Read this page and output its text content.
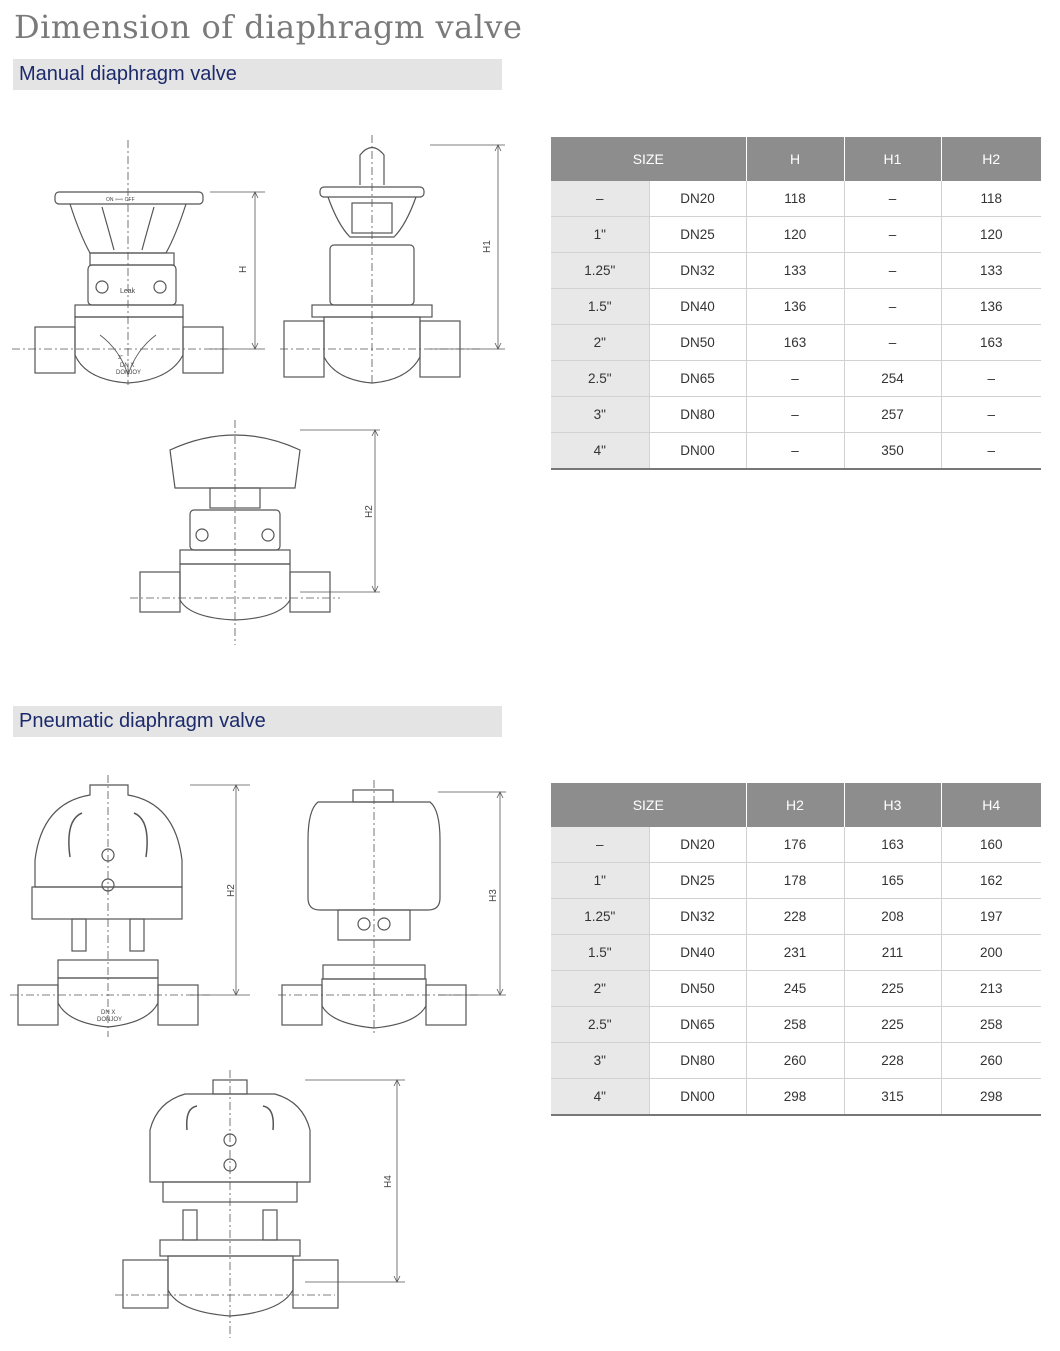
Dimension of diaphragm valve
Manual diaphragm valve
H
ON ⇦⇨ OFF
Leak
2"
DN X
DONJOY
H1
H2
SIZE		H	H1	H2
–	DN20	118	–	118
1"	DN25	120	–	120
1.25"	DN32	133	–	133
1.5"	DN40	136	–	136
2"	DN50	163	–	163
2.5"	DN65	–	254	–
3"	DN80	–	257	–
4"	DN00	–	350	–
Pneumatic diaphragm valve
H2
DN X
DONJOY
H3
H4
SIZE		H2	H3	H4
–	DN20	176	163	160
1"	DN25	178	165	162
1.25"	DN32	228	208	197
1.5"	DN40	231	211	200
2"	DN50	245	225	213
2.5"	DN65	258	225	258
3"	DN80	260	228	260
4"	DN00	298	315	298
